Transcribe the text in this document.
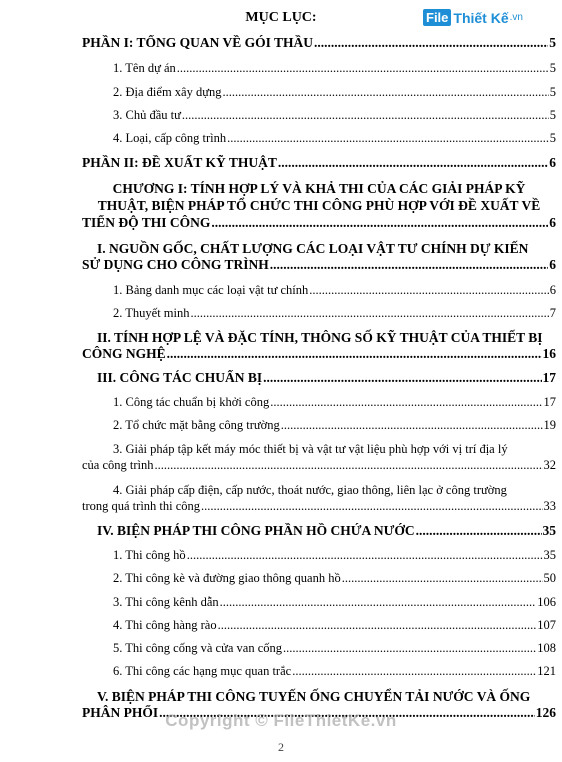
MỤC LỤC:	File Thiết Kế .vn
PHẦN I: TỔNG QUAN VỀ GÓI THẦU .....	5
1. Tên dự án .....	5
2. Địa điểm xây dựng .....	5
3. Chủ đầu tư .....	5
4. Loại, cấp công trình .....	5
PHẦN II: ĐỀ XUẤT KỸ THUẬT .....	6
CHƯƠNG I: TÍNH HỢP LÝ VÀ KHẢ THI CỦA CÁC GIẢI PHÁP KỸ
THUẬT, BIỆN PHÁP TỔ CHỨC THI CÔNG PHÙ HỢP VỚI ĐỀ XUẤT VỀ
TIẾN ĐỘ THI CÔNG .....	6
I. NGUỒN GỐC, CHẤT LƯỢNG CÁC LOẠI VẬT TƯ CHÍNH DỰ KIẾN
SỬ DỤNG CHO CÔNG TRÌNH .....	6
1. Bảng danh mục các loại vật tư chính .....	6
2. Thuyết minh .....	7
II. TÍNH HỢP LỆ VÀ ĐẶC TÍNH, THÔNG SỐ KỸ THUẬT CỦA THIẾT BỊ
CÔNG NGHỆ .....	16
III. CÔNG TÁC CHUẨN BỊ .....	17
1. Công tác chuẩn bị khởi công .....	17
2. Tổ chức mặt bằng công trường .....	19
3. Giải pháp tập kết máy móc thiết bị và vật tư vật liệu phù hợp với vị trí địa lý
của công trình .....	32
4. Giải pháp cấp điện, cấp nước, thoát nước, giao thông, liên lạc ở công trường
trong quá trình thi công .....	33
IV. BIỆN PHÁP THI CÔNG PHẦN HỒ CHỨA NƯỚC .....	35
1. Thi công hồ .....	35
2. Thi công kè và đường giao thông quanh hồ .....	50
3. Thi công kênh dẫn .....	106
4. Thi công hàng rào .....	107
5. Thi công cống và cửa van cống .....	108
6. Thi công các hạng mục quan trắc .....	121
V. BIỆN PHÁP THI CÔNG TUYẾN ỐNG CHUYỂN TẢI NƯỚC VÀ ỐNG
PHÂN PHỐI .....	126
Copyright © FileThietKe.vn
2
